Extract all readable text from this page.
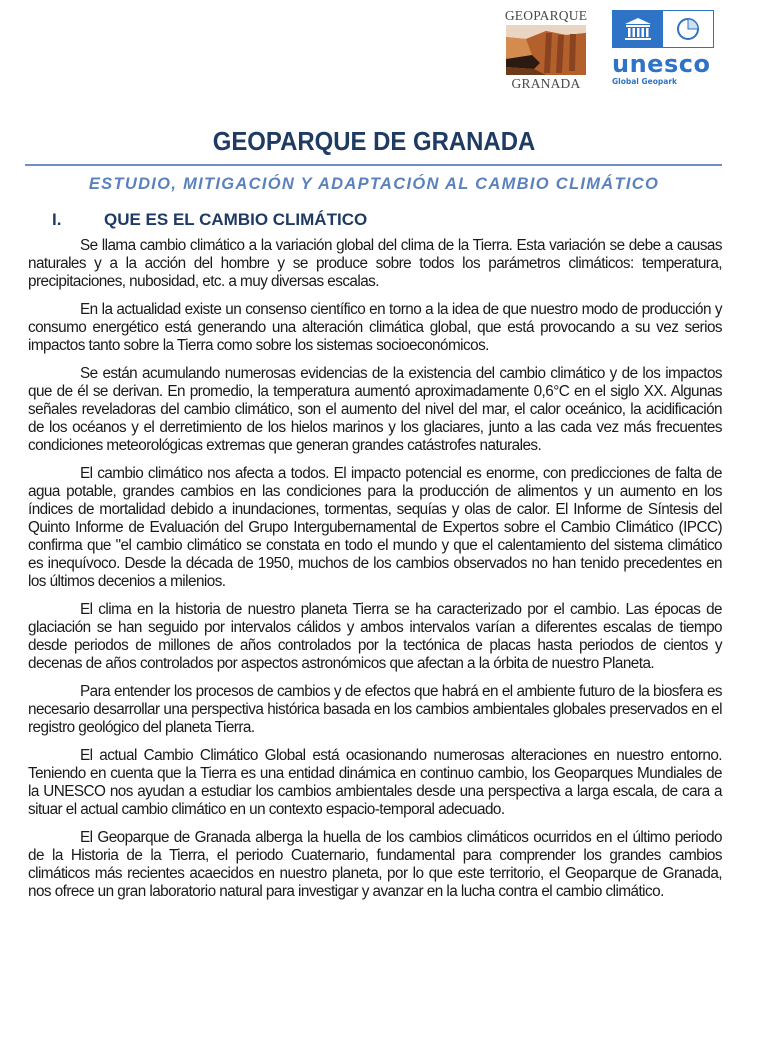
GEOPARQUE
GRANADA
unesco
Global Geopark
GEOPARQUE DE GRANADA
ESTUDIO, MITIGACIÓN Y ADAPTACIÓN AL CAMBIO CLIMÁTICO
I.	QUE ES EL CAMBIO CLIMÁTICO

Se llama cambio climático a la variación global del clima de la Tierra. Esta variación se debe a causas naturales y a la acción del hombre y se produce sobre todos los parámetros climáticos: temperatura, precipitaciones, nubosidad, etc. a muy diversas escalas.

En la actualidad existe un consenso científico en torno a la idea de que nuestro modo de producción y consumo energético está generando una alteración climática global, que está provocando a su vez serios impactos tanto sobre la Tierra como sobre los sistemas socioeconómicos.

Se están acumulando numerosas evidencias de la existencia del cambio climático y de los impactos que de él se derivan. En promedio, la temperatura aumentó aproximadamente 0,6°C en el siglo XX. Algunas señales reveladoras del cambio climático, son el aumento del nivel del mar, el calor oceánico, la acidificación de los océanos y el derretimiento de los hielos marinos y los glaciares, junto a las cada vez más frecuentes condiciones meteorológicas extremas que generan grandes catástrofes naturales.

El cambio climático nos afecta a todos. El impacto potencial es enorme, con predicciones de falta de agua potable, grandes cambios en las condiciones para la producción de alimentos y un aumento en los índices de mortalidad debido a inundaciones, tormentas, sequías y olas de calor. El Informe de Síntesis del Quinto Informe de Evaluación del Grupo Intergubernamental de Expertos sobre el Cambio Climático (IPCC) confirma que "el cambio climático se constata en todo el mundo y que el calentamiento del sistema climático es inequívoco. Desde la década de 1950, muchos de los cambios observados no han tenido precedentes en los últimos decenios a milenios.

El clima en la historia de nuestro planeta Tierra se ha caracterizado por el cambio. Las épocas de glaciación se han seguido por intervalos cálidos y ambos intervalos varían a diferentes escalas de tiempo desde periodos de millones de años controlados por la tectónica de placas hasta periodos de cientos y decenas de años controlados por aspectos astronómicos que afectan a la órbita de nuestro Planeta.

Para entender los procesos de cambios y de efectos que habrá en el ambiente futuro de la biosfera es necesario desarrollar una perspectiva histórica basada en los cambios ambientales globales preservados en el registro geológico del planeta Tierra.

El actual Cambio Climático Global está ocasionando numerosas alteraciones en nuestro entorno. Teniendo en cuenta que la Tierra es una entidad dinámica en continuo cambio, los Geoparques Mundiales de la UNESCO nos ayudan a estudiar los cambios ambientales desde una perspectiva a larga escala, de cara a situar el actual cambio climático en un contexto espacio-temporal adecuado.

El Geoparque de Granada alberga la huella de los cambios climáticos ocurridos en el último periodo de la Historia de la Tierra, el periodo Cuaternario, fundamental para comprender los grandes cambios climáticos más recientes acaecidos en nuestro planeta, por lo que este territorio, el Geoparque de Granada, nos ofrece un gran laboratorio natural para investigar y avanzar en la lucha contra el cambio climático.
